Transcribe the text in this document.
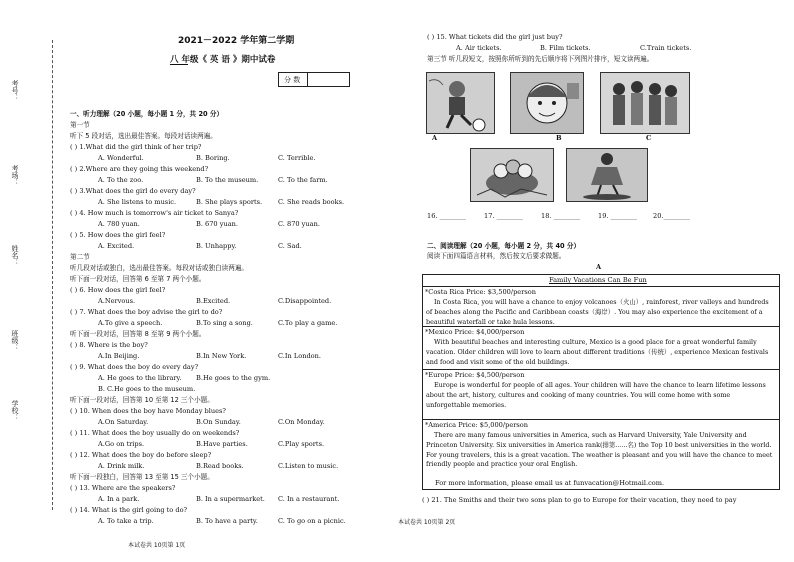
考号：
考场：
姓名：
班级：
学校：
2021－2022 学年第二学期
八 年级《 英 语 》期中试卷
分 数
一、听力理解（20 小题，每小题 1 分，共 20 分）
第一节
听下 5 段对话，选出最佳答案。每段对话读两遍。
( ) 1.What did the girl think of her trip?
A. Wonderful.	B. Boring.	C. Terrible.
( ) 2.Where are they going this weekend?
A. To the zoo.	B. To the museum.	C. To the farm.
( ) 3.What does the girl do every day?
A. She listens to music.	B. She plays sports. C. She reads books.
( ) 4. How much is tomorrow's air ticket to Sanya?
A. 780 yuan.	B. 670 yuan.	C. 870 yuan.
( ) 5. How does the girl feel?
A. Excited.	B. Unhappy.	C. Sad.
第二节
听几段对话或独白，选出最佳答案。每段对话或独白读两遍。
听下面一段对话，回答第 6 至第 7 两个小题。
( ) 6. How does the girl feel?
A.Nervous.	B.Excited.	C.Disappointed.
( ) 7. What does the boy advise the girl to do?
A.To give a speech.	B.To sing a song.	C.To play a game.
听下面一段对话，回答第 8 至第 9 两个小题。
( ) 8. Where is the boy?
A.In Beijing.	B.In New York.	C.In London.
( ) 9. What does the boy do every day?
A. He goes to the library. B.He goes to the gym.
B. C.He goes to the museum.
听下面一段对话，回答第 10 至第 12 三个小题。
( ) 10. When does the boy have Monday blues?
A.On Saturday.	B.On Sunday.	C.On Monday.
( ) 11. What does the boy usually do on weekends?
A.Go on trips.	B.Have parties.	C.Play sports.
( ) 12. What does the boy do before sleep?
A. Drink milk.	B.Read books.	C.Listen to music.
听下面一段独白，回答第 13 至第 15 三个小题。
( ) 13. Where are the speakers?
A. In a park.	B. In a supermarket. C. In a restaurant.
( ) 14. What is the girl going to do?
A. To take a trip.	B. To have a party.	C. To go on a picnic.
本试卷共 10页第 1页
( ) 15. What tickets did the girl just buy?
A. Air tickets.	B. Film tickets.	C.Train tickets.
第三节 听几段短文，按照你所听到的先后顺序将下列图片排序，短文读两遍。
A	B	C
16. ________	17. ________	18. ________	19. ________ 20.________
二、阅读理解（20 小题，每小题 2 分，共 40 分）
阅读下面四篇语言材料，然后按文后要求做题。
A
Family Vacations Can Be Fun
*Costa Rica Price: $3,500/person
In Costa Rica, you will have a chance to enjoy volcanoes（火山）, rainforest, river valleys and hundreds of beaches along the Pacific and Caribbean coasts（海岸）. You may also experience the excitement of a beautiful waterfall or take hula lessons.
*Mexico Price: $4,000/person
With beautiful beaches and interesting culture, Mexico is a good place for a great wonderful family vacation. Older children will love to learn about different traditions（传统）, experience Mexican festivals and food and visit some of the old buildings.
*Europe Price: $4,500/person
Europe is wonderful for people of all ages. Your children will have the chance to learn lifetime lessons about the art, history, cultures and cooking of many countries. You will come home with some unforgettable memories.
*America Price: $5,000/person
There are many famous universities in America, such as Harvard University, Yale University and Princeton University. Six universities in America rank(排第......名) the Top 10 best universities in the world. For young travelers, this is a great vacation. The weather is pleasant and you will have the chance to meet friendly people and practice your oral English.
For more information, please email us at funvacation@Hotmail.com.
( ) 21. The Smiths and their two sons plan to go to Europe for their vacation, they need to pay
本试卷共 10页第 2页
